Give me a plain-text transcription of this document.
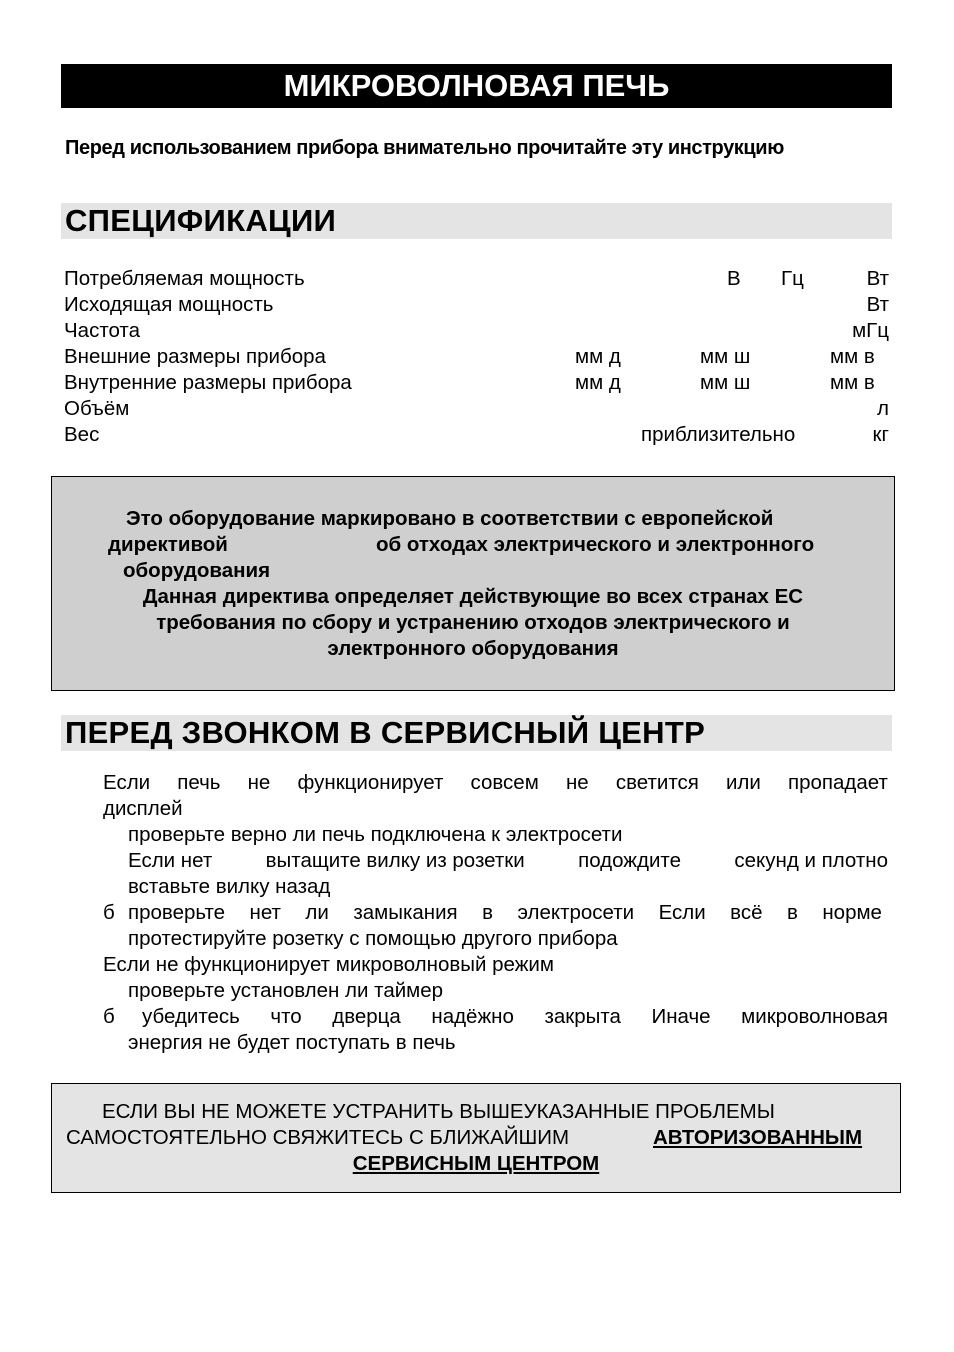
МИКРОВОЛНОВАЯ ПЕЧЬ
Перед использованием прибора внимательно прочитайте эту инструкцию
СПЕЦИФИКАЦИИ
Потребляемая мощность	В Гц	Вт
Исходящая мощность	Вт
Частота	мГц
Внешние размеры прибора	мм д	мм ш	мм в
Внутренние размеры прибора	мм д	мм ш	мм в
Объём	л
Вес	приблизительно	кг
Это оборудование маркировано в соответствии с европейской
директивой	об отходах электрического и электронного
оборудования
Данная директива определяет действующие во всех странах ЕС
требования по сбору и устранению отходов электрического и
электронного оборудования
ПЕРЕД ЗВОНКОМ В СЕРВИСНЫЙ ЦЕНТР
Если печь не функционирует совсем не светится или пропадает
дисплей
проверьте верно ли печь подключена к электросети
Если нет	вытащите вилку из розетки	подождите	секунд и плотно
вставьте вилку назад
б проверьте нет ли замыкания в электросети Если всё в норме
протестируйте розетку с помощью другого прибора
Если не функционирует микроволновый режим
проверьте установлен ли таймер
б убедитесь что дверца надёжно закрыта Иначе микроволновая
энергия не будет поступать в печь
ЕСЛИ ВЫ НЕ МОЖЕТЕ УСТРАНИТЬ ВЫШЕУКАЗАННЫЕ ПРОБЛЕМЫ
САМОСТОЯТЕЛЬНО СВЯЖИТЕСЬ С БЛИЖАЙШИМ	АВТОРИЗОВАННЫМ
СЕРВИСНЫМ ЦЕНТРОМ
